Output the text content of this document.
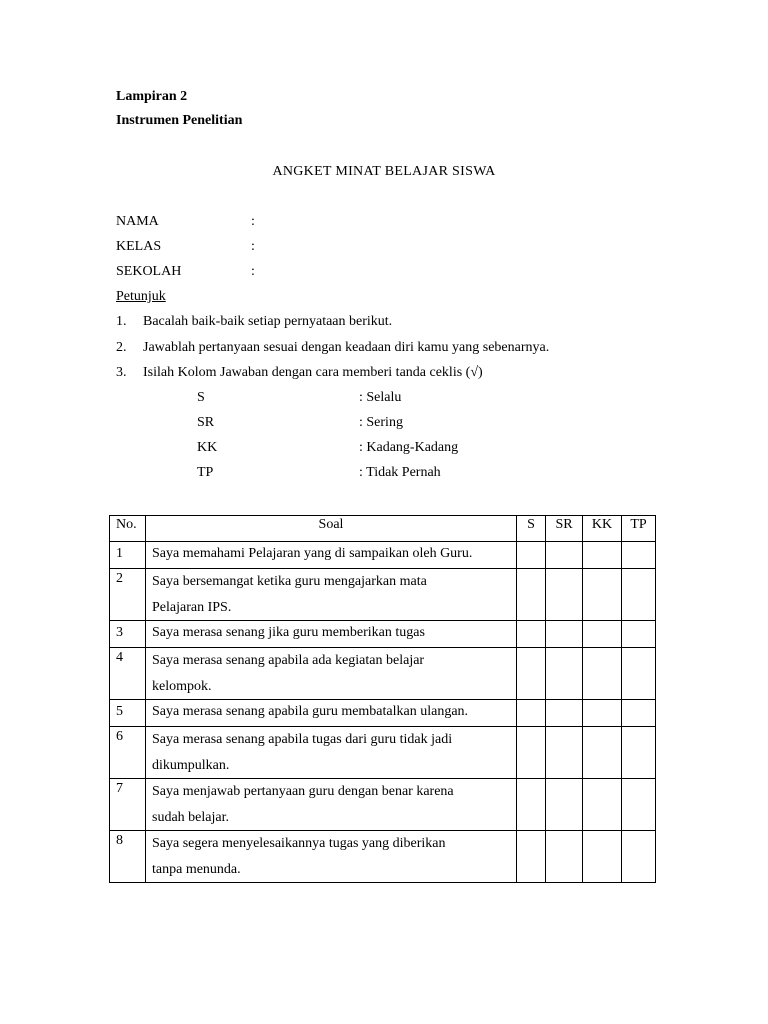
Lampiran 2
Instrumen Penelitian
ANGKET MINAT BELAJAR SISWA
NAMA	:
KELAS	:
SEKOLAH	:
Petunjuk
1. Bacalah baik-baik setiap pernyataan berikut.
2. Jawablah pertanyaan sesuai dengan keadaan diri kamu yang sebenarnya.
3. Isilah Kolom Jawaban dengan cara memberi tanda ceklis (√)
S	: Selalu
SR	: Sering
KK	: Kadang-Kadang
TP	: Tidak Pernah
No.	Soal	S	SR	KK	TP
1	Saya memahami Pelajaran yang di sampaikan oleh Guru.				

2	Saya bersemangat ketika guru mengajarkan mata
Pelajaran IPS.				

3	Saya merasa senang jika guru memberikan tugas				

4	Saya merasa senang apabila ada kegiatan belajar
kelompok.				

5	Saya merasa senang apabila guru membatalkan ulangan.				

6	Saya merasa senang apabila tugas dari guru tidak jadi
dikumpulkan.				

7	Saya menjawab pertanyaan guru dengan benar karena
sudah belajar.				

8	Saya segera menyelesaikannya tugas yang diberikan
tanpa menunda.				
